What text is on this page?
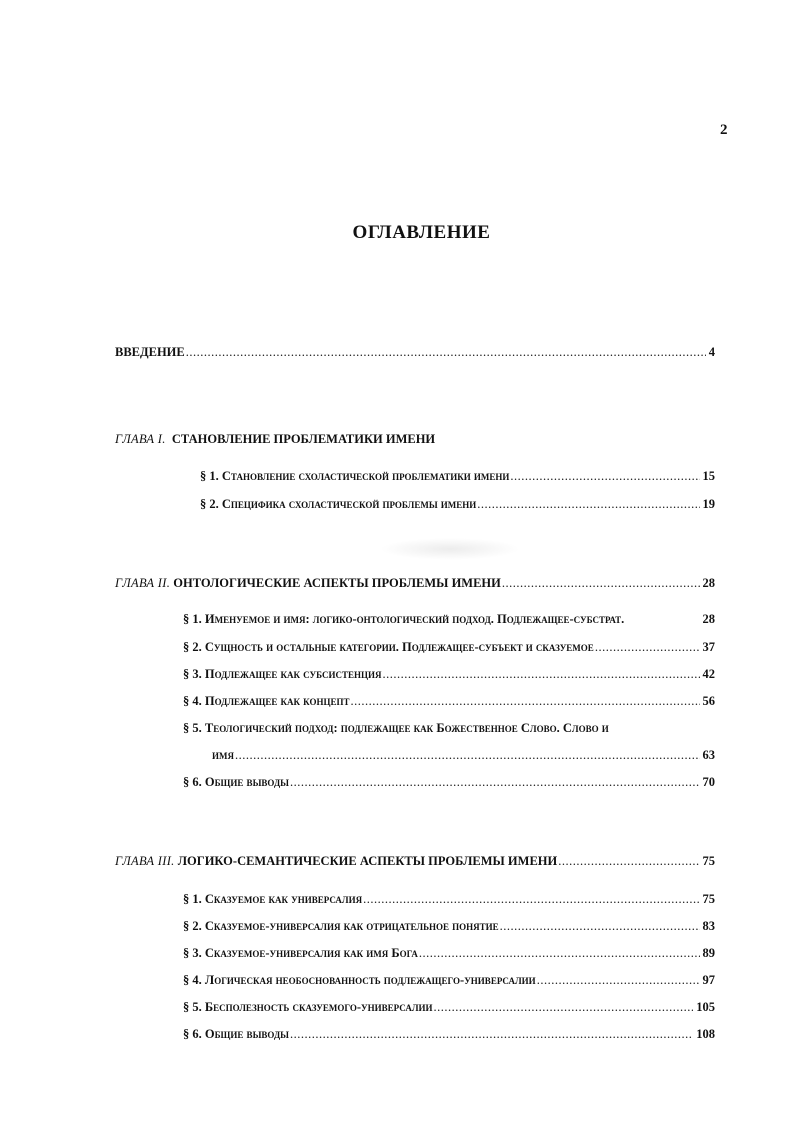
2
ОГЛАВЛЕНИЕ
ВВЕДЕНИЕ .....	4
ГЛАВА I. СТАНОВЛЕНИЕ ПРОБЛЕМАТИКИ ИМЕНИ
§ 1. Становление схоластической проблематики имени .....	15
§ 2. Специфика схоластической проблемы имени .....	19
ГЛАВА II. ОНТОЛОГИЧЕСКИЕ АСПЕКТЫ ПРОБЛЕМЫ ИМЕНИ .....	28
§ 1. Именуемое и имя: логико-онтологический подход. Подлежащее-субстрат.	28
§ 2. Сущность и остальные категории. Подлежащее-субъект и сказуемое .....	37
§ 3. Подлежащее как субсистенция .....	42
§ 4. Подлежащее как концепт .....	56
§ 5. Теологический подход: подлежащее как Божественное Слово. Слово и
имя .....	63
§ 6. Общие выводы .....	70
ГЛАВА III. ЛОГИКО-СЕМАНТИЧЕСКИЕ АСПЕКТЫ ПРОБЛЕМЫ ИМЕНИ .....	75
§ 1. Сказуемое как универсалия .....	75
§ 2. Сказуемое-универсалия как отрицательное понятие .....	83
§ 3. Сказуемое-универсалия как имя Бога .....	89
§ 4. Логическая необоснованность подлежащего-универсалии .....	97
§ 5. Бесполезность сказуемого-универсалии .....	105
§ 6. Общие выводы .....	108
